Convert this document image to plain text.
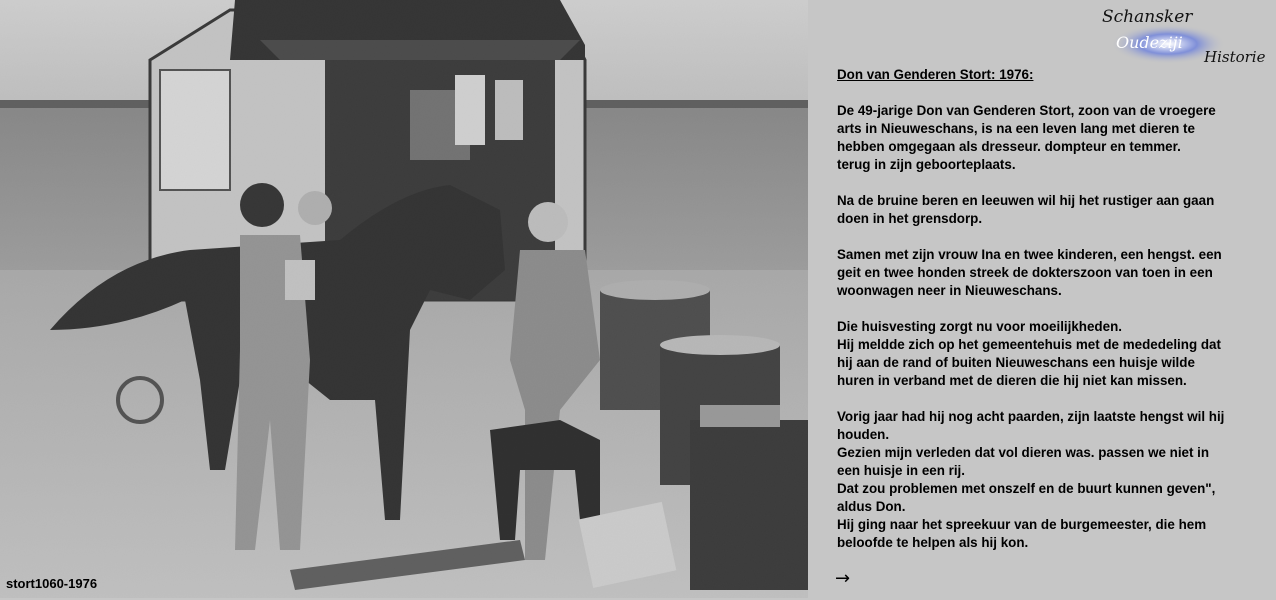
stort1060-1976
Schansker
Oudeziji
Historie
Don van Genderen Stort: 1976:

De 49-jarige Don van Genderen Stort, zoon van de vroegere
arts in Nieuweschans, is na een leven lang met dieren te
hebben omgegaan als dresseur. dompteur en temmer.
terug in zijn geboorteplaats.

Na de bruine beren en leeuwen wil hij het rustiger aan gaan
doen in het grensdorp.

Samen met zijn vrouw Ina en twee kinderen, een hengst. een
geit en twee honden streek de dokterszoon van toen in een
woonwagen neer in Nieuweschans.

Die huisvesting zorgt nu voor moeilijkheden.
Hij meldde zich op het gemeentehuis met de mededeling dat
hij aan de rand of buiten Nieuweschans een huisje wilde
huren in verband met de dieren die hij niet kan missen.

Vorig jaar had hij nog acht paarden, zijn laatste hengst wil hij
houden.
Gezien mijn verleden dat vol dieren was. passen we niet in
een huisje in een rij.
Dat zou problemen met onszelf en de buurt kunnen geven",
aldus Don.
Hij ging naar het spreekuur van de burgemeester, die hem
beloofde te helpen als hij kon.

→
